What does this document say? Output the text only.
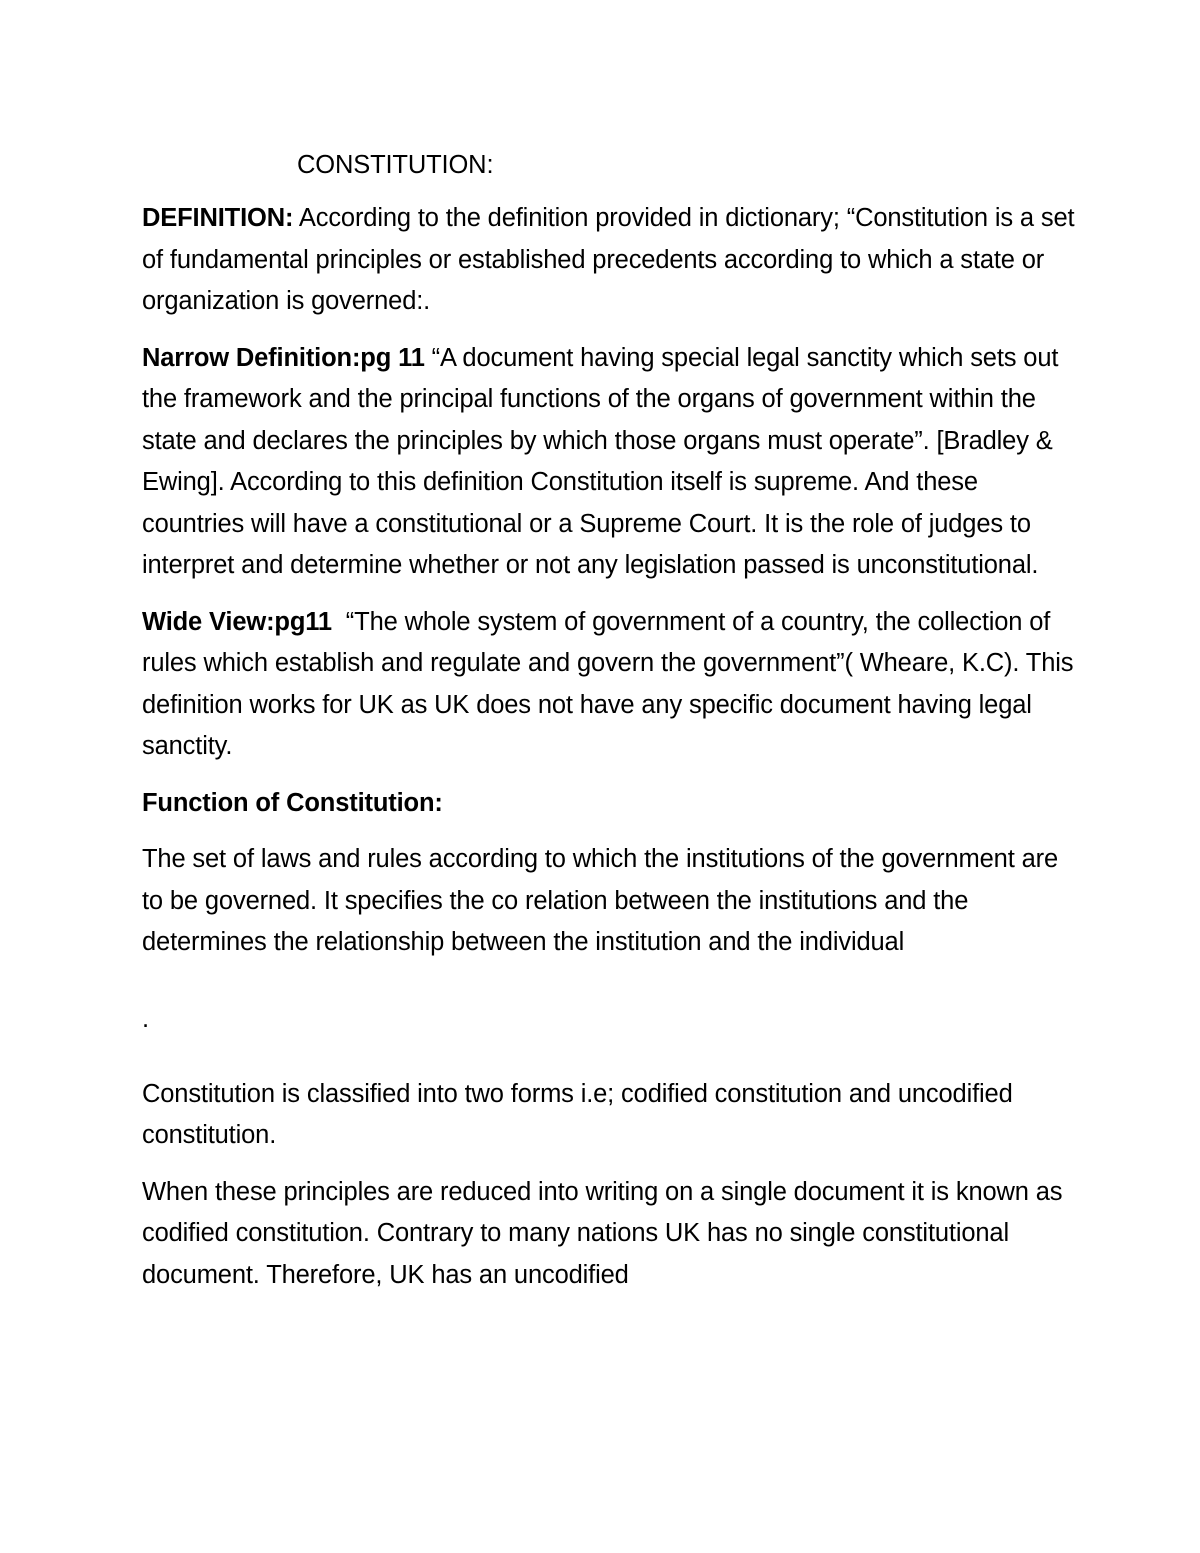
CONSTITUTION:

DEFINITION: According to the definition provided in dictionary; “Constitution is a set of fundamental principles or established precedents according to which a state or organization is governed:.

Narrow Definition:pg 11 “A document having special legal sanctity which sets out the framework and the principal functions of the organs of government within the state and declares the principles by which those organs must operate”. [Bradley & Ewing]. According to this definition Constitution itself is supreme. And these countries will have a constitutional or a Supreme Court. It is the role of judges to interpret and determine whether or not any legislation passed is unconstitutional.

Wide View:pg11  “The whole system of government of a country, the collection of rules which establish and regulate and govern the government”( Wheare, K.C). This definition works for UK as UK does not have any specific document having legal sanctity.

Function of Constitution:

The set of laws and rules according to which the institutions of the government are to be governed. It specifies the co relation between the institutions and the determines the relationship between the institution and the individual

.

Constitution is classified into two forms i.e; codified constitution and uncodified constitution.

When these principles are reduced into writing on a single document it is known as codified constitution. Contrary to many nations UK has no single constitutional document. Therefore, UK has an uncodified
